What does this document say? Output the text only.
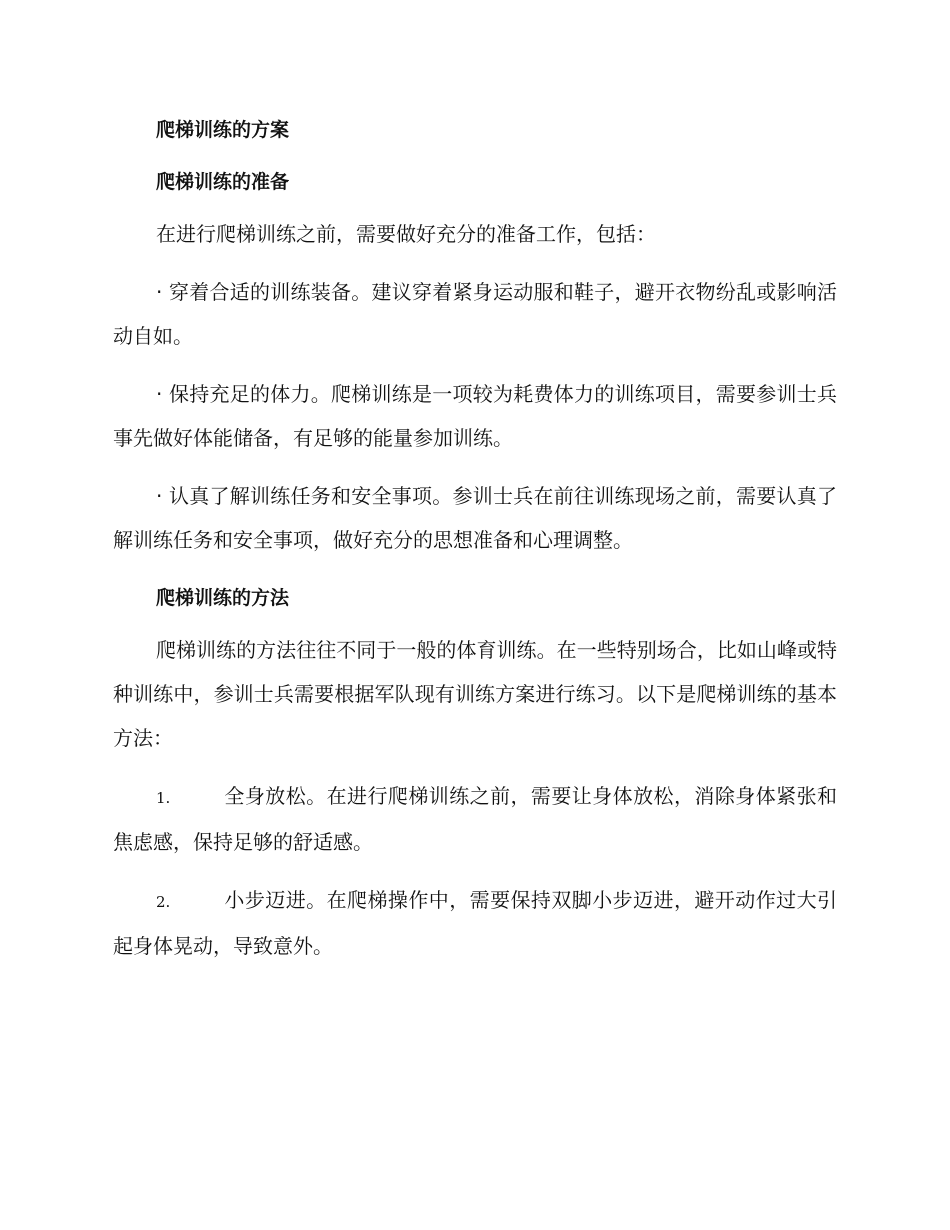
爬梯训练的方案
爬梯训练的准备

在进行爬梯训练之前，需要做好充分的准备工作，包括：

· 穿着合适的训练装备。建议穿着紧身运动服和鞋子，避开衣物纷乱或影响活动自如。

· 保持充足的体力。爬梯训练是一项较为耗费体力的训练项目，需要参训士兵事先做好体能储备，有足够的能量参加训练。

· 认真了解训练任务和安全事项。参训士兵在前往训练现场之前，需要认真了解训练任务和安全事项，做好充分的思想准备和心理调整。

爬梯训练的方法

爬梯训练的方法往往不同于一般的体育训练。在一些特别场合，比如山峰或特种训练中，参训士兵需要根据军队现有训练方案进行练习。以下是爬梯训练的基本方法：

1.	全身放松。在进行爬梯训练之前，需要让身体放松，消除身体紧张和焦虑感，保持足够的舒适感。

2.	小步迈进。在爬梯操作中，需要保持双脚小步迈进，避开动作过大引起身体晃动，导致意外。
